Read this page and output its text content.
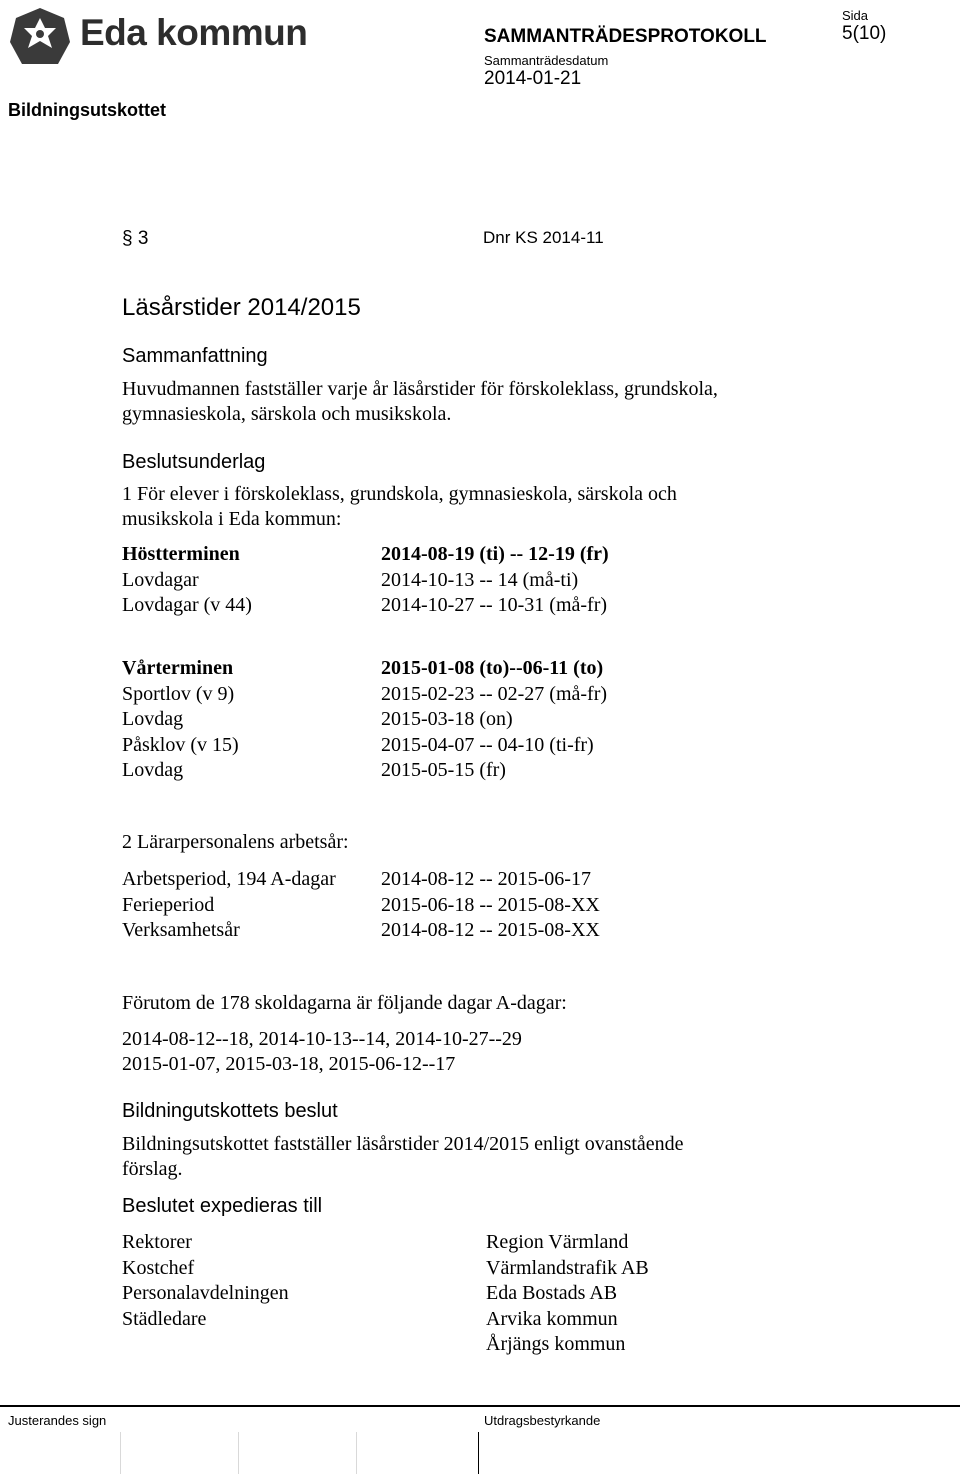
Eda kommun	SAMMANTRÄDESPROTOKOLL
Sida
5(10)
Sammanträdesdatum
2014-01-21
Bildningsutskottet
§ 3	Dnr KS 2014-11
Läsårstider 2014/2015
Sammanfattning
Huvudmannen fastställer varje år läsårstider för förskoleklass, grundskola,
gymnasieskola, särskola och musikskola.
Beslutsunderlag
1 För elever i förskoleklass, grundskola, gymnasieskola, särskola och
musikskola i Eda kommun:
Höstterminen	2014-08-19 (ti) -- 12-19 (fr)
Lovdagar	2014-10-13 -- 14 (må-ti)
Lovdagar (v 44)	2014-10-27 -- 10-31 (må-fr)
Vårterminen	2015-01-08 (to)--06-11 (to)
Sportlov (v 9)	2015-02-23 -- 02-27 (må-fr)
Lovdag	2015-03-18 (on)
Påsklov (v 15)	2015-04-07 -- 04-10 (ti-fr)
Lovdag	2015-05-15 (fr)
2 Lärarpersonalens arbetsår:
Arbetsperiod, 194 A-dagar	2014-08-12 -- 2015-06-17
Ferieperiod	2015-06-18 -- 2015-08-XX
Verksamhetsår	2014-08-12 -- 2015-08-XX
Förutom de 178 skoldagarna är följande dagar A-dagar:
2014-08-12--18, 2014-10-13--14, 2014-10-27--29
2015-01-07, 2015-03-18, 2015-06-12--17
Bildningutskottets beslut
Bildningsutskottet fastställer läsårstider 2014/2015 enligt ovanstående
förslag.
Beslutet expedieras till
Rektorer
Kostchef
Personalavdelningen
Städledare
Region Värmland
Värmlandstrafik AB
Eda Bostads AB
Arvika kommun
Årjängs kommun
Justerandes sign	Utdragsbestyrkande
